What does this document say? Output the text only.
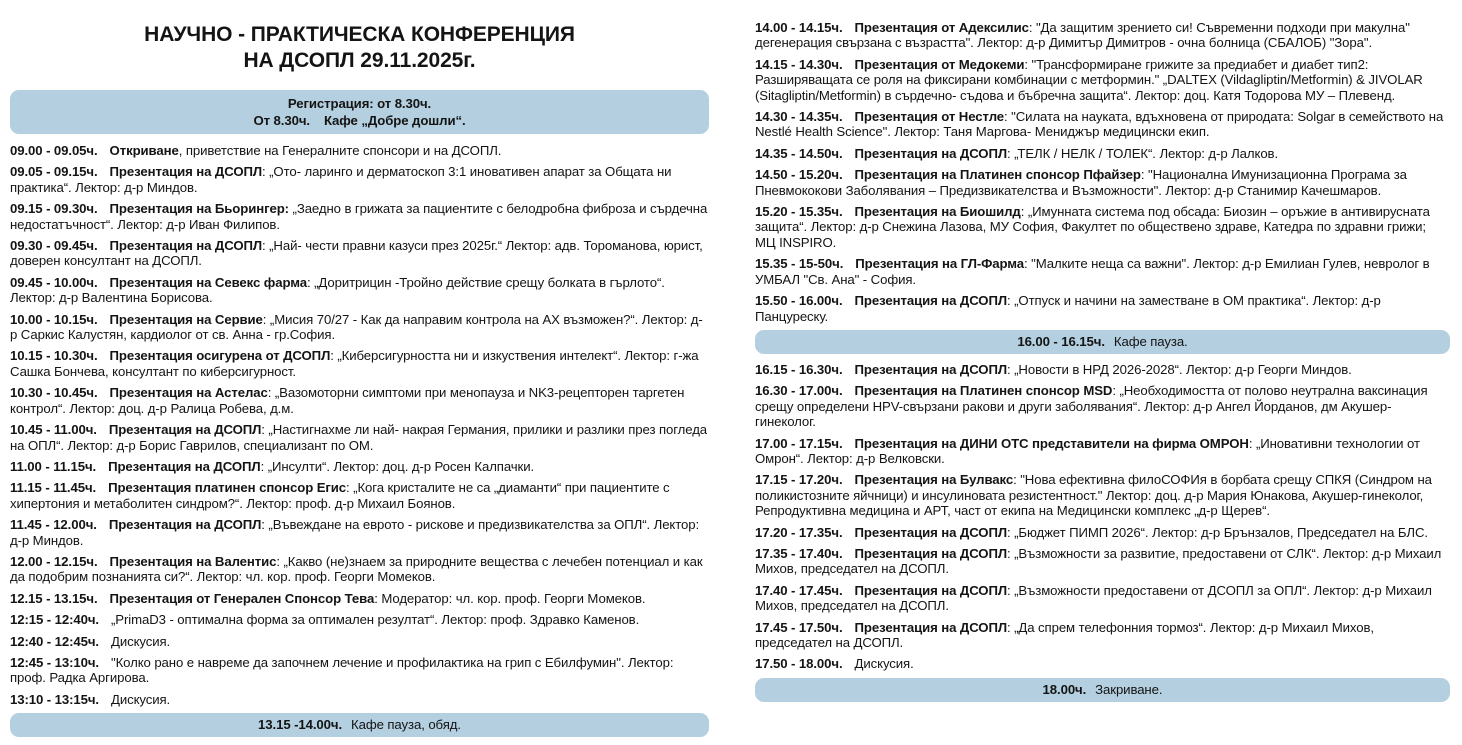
НАУЧНО - ПРАКТИЧЕСКА КОНФЕРЕНЦИЯ
НА ДСОПЛ 29.11.2025г.
Регистрация: от 8.30ч.
От 8.30ч. Кафе „Добре дошли“.

09.00 - 09.05ч. Откриване, приветствие на Генералните спонсори и на ДСОПЛ.

09.05 - 09.15ч. Презентация на ДСОПЛ: „Ото- ларинго и дерматоскоп 3:1 иновативен апарат за Общата ни практика“. Лектор: д-р Миндов.

09.15 - 09.30ч. Презентация на Бьорингер: „Заедно в грижата за пациентите с белодробна фиброза и сърдечна недостатъчност“. Лектор: д-р Иван Филипов.

09.30 - 09.45ч. Презентация на ДСОПЛ: „Най- чести правни казуси през 2025г.“ Лектор: адв. Тороманова, юрист, доверен консултант на ДСОПЛ.

09.45 - 10.00ч. Презентация на Севекс фарма: „Доритрицин -Тройно действие срещу болката в гърлото“. Лектор: д-р Валентина Борисова.

10.00 - 10.15ч. Презентация на Сервие: „Мисия 70/27 - Как да направим контрола на АХ възможен?“. Лектор: д-р Саркис Калустян, кардиолог от св. Анна - гр.София.

10.15 - 10.30ч. Презентация осигурена от ДСОПЛ: „Киберсигурността ни и изкуствения интелект“. Лектор: г-жа Сашка Бончева, консултант по киберсигурност.

10.30 - 10.45ч. Презентация на Астелас: „Вазомоторни симптоми при менопауза и NK3-рецепторен таргетен контрол“. Лектор: доц. д-р Ралица Робева, д.м.

10.45 - 11.00ч. Презентация на ДСОПЛ: „Настигнахме ли най- накрая Германия, прилики и разлики през погледа на ОПЛ“. Лектор: д-р Борис Гаврилов, специализант по ОМ.

11.00 - 11.15ч. Презентация на ДСОПЛ: „Инсулти“. Лектор: доц. д-р Росен Калпачки.

11.15 - 11.45ч. Презентация платинен спонсор Егис: „Кога кристалите не са „диаманти“ при пациентите с хипертония и метаболитен синдром?“. Лектор: проф. д-р Михаил Боянов.

11.45 - 12.00ч. Презентация на ДСОПЛ: „Въвеждане на еврото - рискове и предизвикателства за ОПЛ“. Лектор: д-р Миндов.

12.00 - 12.15ч. Презентация на Валентис: „Какво (не)знаем за природните вещества с лечебен потенциал и как да подобрим познанията си?“. Лектор: чл. кор. проф. Георги Момеков.

12.15 - 13.15ч. Презентация от Генерален Спонсор Тева: Модератор: чл. кор. проф. Георги Момеков.

12:15 - 12:40ч. „PrimaD3 - оптимална форма за оптимален резултат“. Лектор: проф. Здравко Каменов.

12:40 - 12:45ч. Дискусия.

12:45 - 13:10ч. "Колко рано е навреме да започнем лечение и профилактика на грип с Ебилфумин". Лектор: проф. Радка Аргирова.

13:10 - 13:15ч. Дискусия.

13.15 -14.00ч. Кафе пауза, обяд.

14.00 - 14.15ч. Презентация от Адексилис: "Да защитим зрението си! Съвременни подходи при макулна" дегенерация свързана с възрастта". Лектор: д-р Димитър Димитров - очна болница (СБАЛОБ) "Зора".

14.15 - 14.30ч. Презентация от Медокеми: "Трансформиране грижите за предиабет и диабет тип2: Разширяващата се роля на фиксирани комбинации с метформин." „DALTEX (Vildagliptin/Metformin) & JIVOLAR (Sitagliptin/Metformin) в сърдечно- съдова и бъбречна защита“. Лектор: доц. Катя Тодорова МУ – Плевенд.

14.30 - 14.35ч. Презентация от Нестле: "Силата на науката, вдъхновена от природата: Solgar в семейството на Nestlé Health Science". Лектор: Таня Маргова- Мениджър медицински екип.

14.35 - 14.50ч. Презентация на ДСОПЛ: „ТЕЛК / НЕЛК / ТОЛЕК“. Лектор: д-р Лалков.

14.50 - 15.20ч. Презентация на Платинен спонсор Пфайзер: "Национална Имунизационна Програма за Пневмококови Заболявания – Предизвикателства и Възможности". Лектор: д-р Станимир Качешмаров.

15.20 - 15.35ч. Презентация на Биошилд: „Имунната система под обсада: Биозин – оръжие в антивирусната защита“. Лектор: д-р Снежина Лазова, МУ София, Факултет по обществено здраве, Катедра по здравни грижи; МЦ INSPIRO.

15.35 - 15-50ч. Презентация на ГЛ-Фарма: "Малките неща са важни". Лектор: д-р Емилиан Гулев, невролог в УМБАЛ "Св. Ана" - София.

15.50 - 16.00ч. Презентация на ДСОПЛ: „Отпуск и начини на заместване в ОМ практика“. Лектор: д-р Панцуреску.

16.00 - 16.15ч. Кафе пауза.

16.15 - 16.30ч. Презентация на ДСОПЛ: „Новости в НРД 2026-2028“. Лектор: д-р Георги Миндов.

16.30 - 17.00ч. Презентация на Платинен спонсор MSD: „Необходимостта от полово неутрална ваксинация срещу определени HPV-свързани ракови и други заболявания“. Лектор: д-р Ангел Йорданов, дм Акушер-гинеколог.

17.00 - 17.15ч. Презентация на ДИНИ ОТС представители на фирма ОМРОН: „Иновативни технологии от Омрон“. Лектор: д-р Велковски.

17.15 - 17.20ч. Презентация на Булвакс: "Нова ефективна филоСОФИя в борбата срещу СПКЯ (Синдром на поликистозните яйчници) и инсулиновата резистентност." Лектор: доц. д-р Мария Юнакова, Акушер-гинеколог, Репродуктивна медицина и АРТ, част от екипа на Медицински комплекс „д-р Щерев“.

17.20 - 17.35ч. Презентация на ДСОПЛ: „Бюджет ПИМП 2026“. Лектор: д-р Брънзалов, Председател на БЛС.

17.35 - 17.40ч. Презентация на ДСОПЛ: „Възможности за развитие, предоставени от СЛК“. Лектор: д-р Михаил Михов, председател на ДСОПЛ.

17.40 - 17.45ч. Презентация на ДСОПЛ: „Възможности предоставени от ДСОПЛ за ОПЛ“. Лектор: д-р Михаил Михов, председател на ДСОПЛ.

17.45 - 17.50ч. Презентация на ДСОПЛ: „Да спрем телефонния тормоз“. Лектор: д-р Михаил Михов, председател на ДСОПЛ.

17.50 - 18.00ч. Дискусия.

18.00ч. Закриване.
